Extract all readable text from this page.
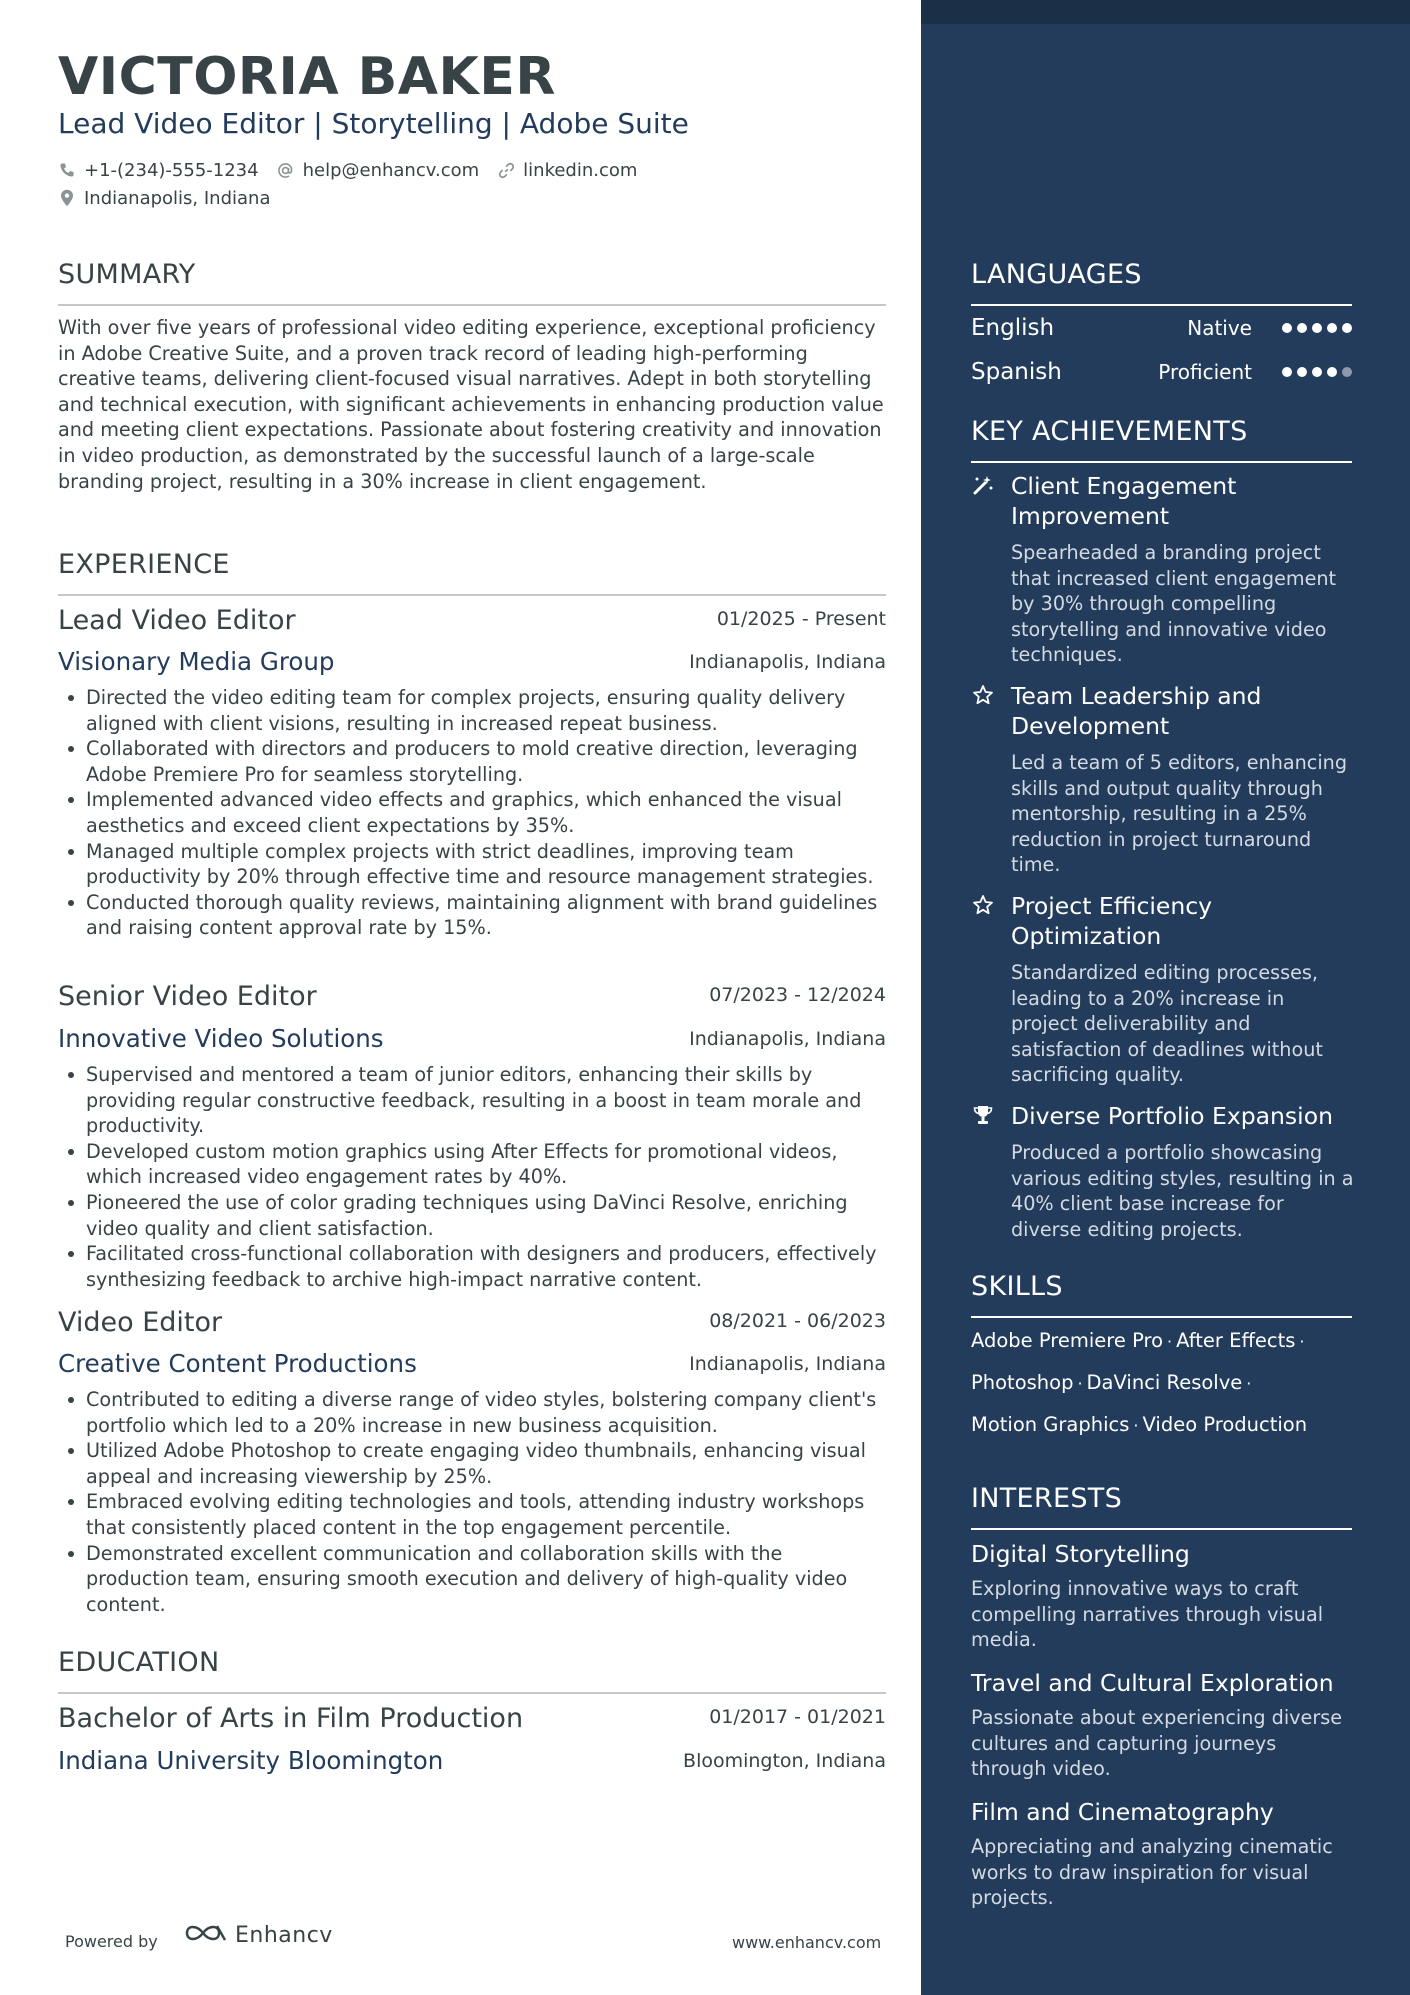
VICTORIA BAKER
Lead Video Editor | Storytelling | Adobe Suite
+1-(234)-555-1234 help@enhancv.com linkedin.com
Indianapolis, Indiana
SUMMARY
With over five years of professional video editing experience, exceptional proficiency in Adobe Creative Suite, and a proven track record of leading high-performing creative teams, delivering client-focused visual narratives. Adept in both storytelling and technical execution, with significant achievements in enhancing production value and meeting client expectations. Passionate about fostering creativity and innovation in video production, as demonstrated by the successful launch of a large-scale branding project, resulting in a 30% increase in client engagement.
EXPERIENCE
Lead Video Editor	01/2025 - Present
Visionary Media Group	Indianapolis, Indiana
Directed the video editing team for complex projects, ensuring quality delivery aligned with client visions, resulting in increased repeat business.
Collaborated with directors and producers to mold creative direction, leveraging Adobe Premiere Pro for seamless storytelling.
Implemented advanced video effects and graphics, which enhanced the visual aesthetics and exceed client expectations by 35%.
Managed multiple complex projects with strict deadlines, improving team productivity by 20% through effective time and resource management strategies.
Conducted thorough quality reviews, maintaining alignment with brand guidelines and raising content approval rate by 15%.
Senior Video Editor	07/2023 - 12/2024
Innovative Video Solutions	Indianapolis, Indiana
Supervised and mentored a team of junior editors, enhancing their skills by providing regular constructive feedback, resulting in a boost in team morale and productivity.
Developed custom motion graphics using After Effects for promotional videos, which increased video engagement rates by 40%.
Pioneered the use of color grading techniques using DaVinci Resolve, enriching video quality and client satisfaction.
Facilitated cross-functional collaboration with designers and producers, effectively synthesizing feedback to archive high-impact narrative content.
Video Editor	08/2021 - 06/2023
Creative Content Productions	Indianapolis, Indiana
Contributed to editing a diverse range of video styles, bolstering company client's portfolio which led to a 20% increase in new business acquisition.
Utilized Adobe Photoshop to create engaging video thumbnails, enhancing visual appeal and increasing viewership by 25%.
Embraced evolving editing technologies and tools, attending industry workshops that consistently placed content in the top engagement percentile.
Demonstrated excellent communication and collaboration skills with the production team, ensuring smooth execution and delivery of high-quality video content.
EDUCATION
Bachelor of Arts in Film Production	01/2017 - 01/2021
Indiana University Bloomington	Bloomington, Indiana
Powered by	Enhancv	www.enhancv.com
LANGUAGES
English	Native
Spanish	Proficient
KEY ACHIEVEMENTS
Client Engagement Improvement
Spearheaded a branding project that increased client engagement by 30% through compelling storytelling and innovative video techniques.
Team Leadership and Development
Led a team of 5 editors, enhancing skills and output quality through mentorship, resulting in a 25% reduction in project turnaround time.
Project Efficiency Optimization
Standardized editing processes, leading to a 20% increase in project deliverability and satisfaction of deadlines without sacrificing quality.
Diverse Portfolio Expansion
Produced a portfolio showcasing various editing styles, resulting in a 40% client base increase for diverse editing projects.
SKILLS
Adobe Premiere Pro · After Effects ·
Photoshop · DaVinci Resolve ·
Motion Graphics · Video Production
INTERESTS
Digital Storytelling
Exploring innovative ways to craft compelling narratives through visual media.
Travel and Cultural Exploration
Passionate about experiencing diverse cultures and capturing journeys through video.
Film and Cinematography
Appreciating and analyzing cinematic works to draw inspiration for visual projects.
